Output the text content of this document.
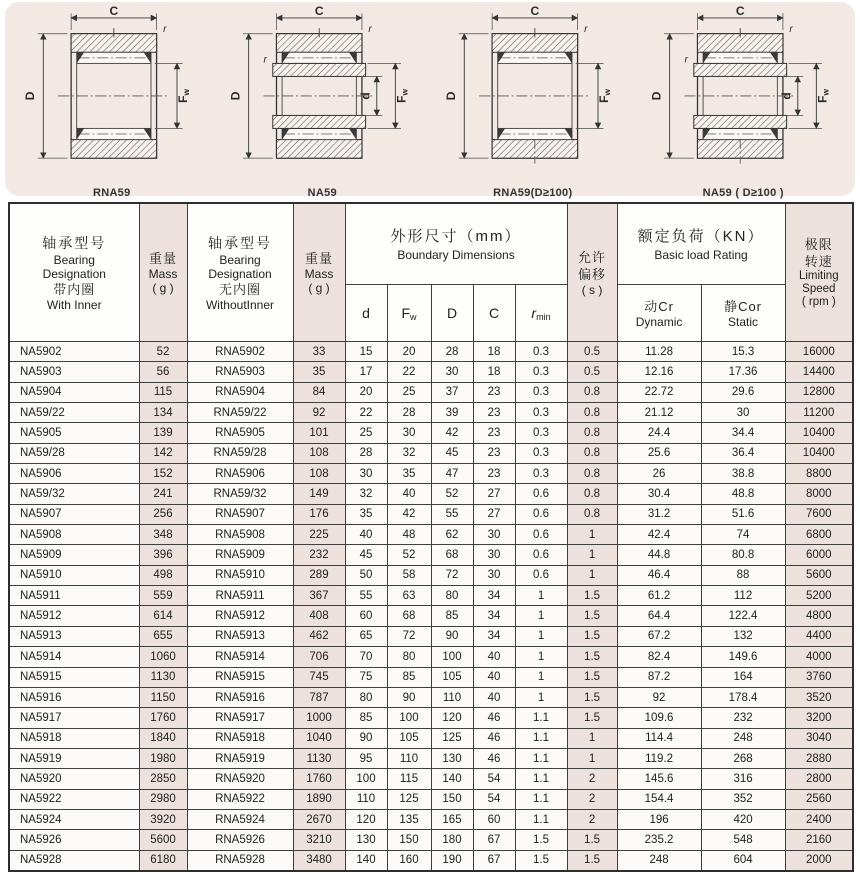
C
r
D	Fw
RNA59
C
r
r
D	d Fw
NA59
C
r
D	Fw
RNA59(D≥100)
C
r
r
D	d Fw
NA59 ( D≥100 )
轴承型号
Bearing
Designation
带内圈
With Inner

重量
Mass
( g )

轴承型号
Bearing
Designation
无内圈
WithoutInner

重量
Mass
( g )

外形尺寸（mm）
Boundary Dimensions	允许
偏移
( s )

额定负荷（KN）
Basic load Rating

极限
转速
Limiting
Speed
( rpm )

d	$F_w$	D	C	$r_{min}$	
动Cr
Dynamic

静Cor
Static

NA5902	52	RNA5902	33	15	20	28	18	0.3	0.5	11.28	15.3	16000
NA5903	56	RNA5903	35	17	22	30	18	0.3	0.5	12.16	17.36	14400
NA5904	115	RNA5904	84	20	25	37	23	0.3	0.8	22.72	29.6	12800
NA59/22	134	RNA59/22	92	22	28	39	23	0.3	0.8	21.12	30	11200
NA5905	139	RNA5905	101	25	30	42	23	0.3	0.8	24.4	34.4	10400
NA59/28	142	RNA59/28	108	28	32	45	23	0.3	0.8	25.6	36.4	10400
NA5906	152	RNA5906	108	30	35	47	23	0.3	0.8	26	38.8	8800
NA59/32	241	RNA59/32	149	32	40	52	27	0.6	0.8	30.4	48.8	8000
NA5907	256	RNA5907	176	35	42	55	27	0.6	0.8	31.2	51.6	7600
NA5908	348	RNA5908	225	40	48	62	30	0.6	1	42.4	74	6800
NA5909	396	RNA5909	232	45	52	68	30	0.6	1	44.8	80.8	6000
NA5910	498	RNA5910	289	50	58	72	30	0.6	1	46.4	88	5600
NA5911	559	RNA5911	367	55	63	80	34	1	1.5	61.2	112	5200
NA5912	614	RNA5912	408	60	68	85	34	1	1.5	64.4	122.4	4800
NA5913	655	RNA5913	462	65	72	90	34	1	1.5	67.2	132	4400
NA5914	1060	RNA5914	706	70	80	100	40	1	1.5	82.4	149.6	4000
NA5915	1130	RNA5915	745	75	85	105	40	1	1.5	87.2	164	3760
NA5916	1150	RNA5916	787	80	90	110	40	1	1.5	92	178.4	3520
NA5917	1760	RNA5917	1000	85	100	120	46	1.1	1.5	109.6	232	3200
NA5918	1840	RNA5918	1040	90	105	125	46	1.1	1	114.4	248	3040
NA5919	1980	RNA5919	1130	95	110	130	46	1.1	1	119.2	268	2880
NA5920	2850	RNA5920	1760	100	115	140	54	1.1	2	145.6	316	2800
NA5922	2980	RNA5922	1890	110	125	150	54	1.1	2	154.4	352	2560
NA5924	3920	RNA5924	2670	120	135	165	60	1.1	2	196	420	2400
NA5926	5600	RNA5926	3210	130	150	180	67	1.5	1.5	235.2	548	2160
NA5928	6180	RNA5928	3480	140	160	190	67	1.5	1.5	248	604	2000
